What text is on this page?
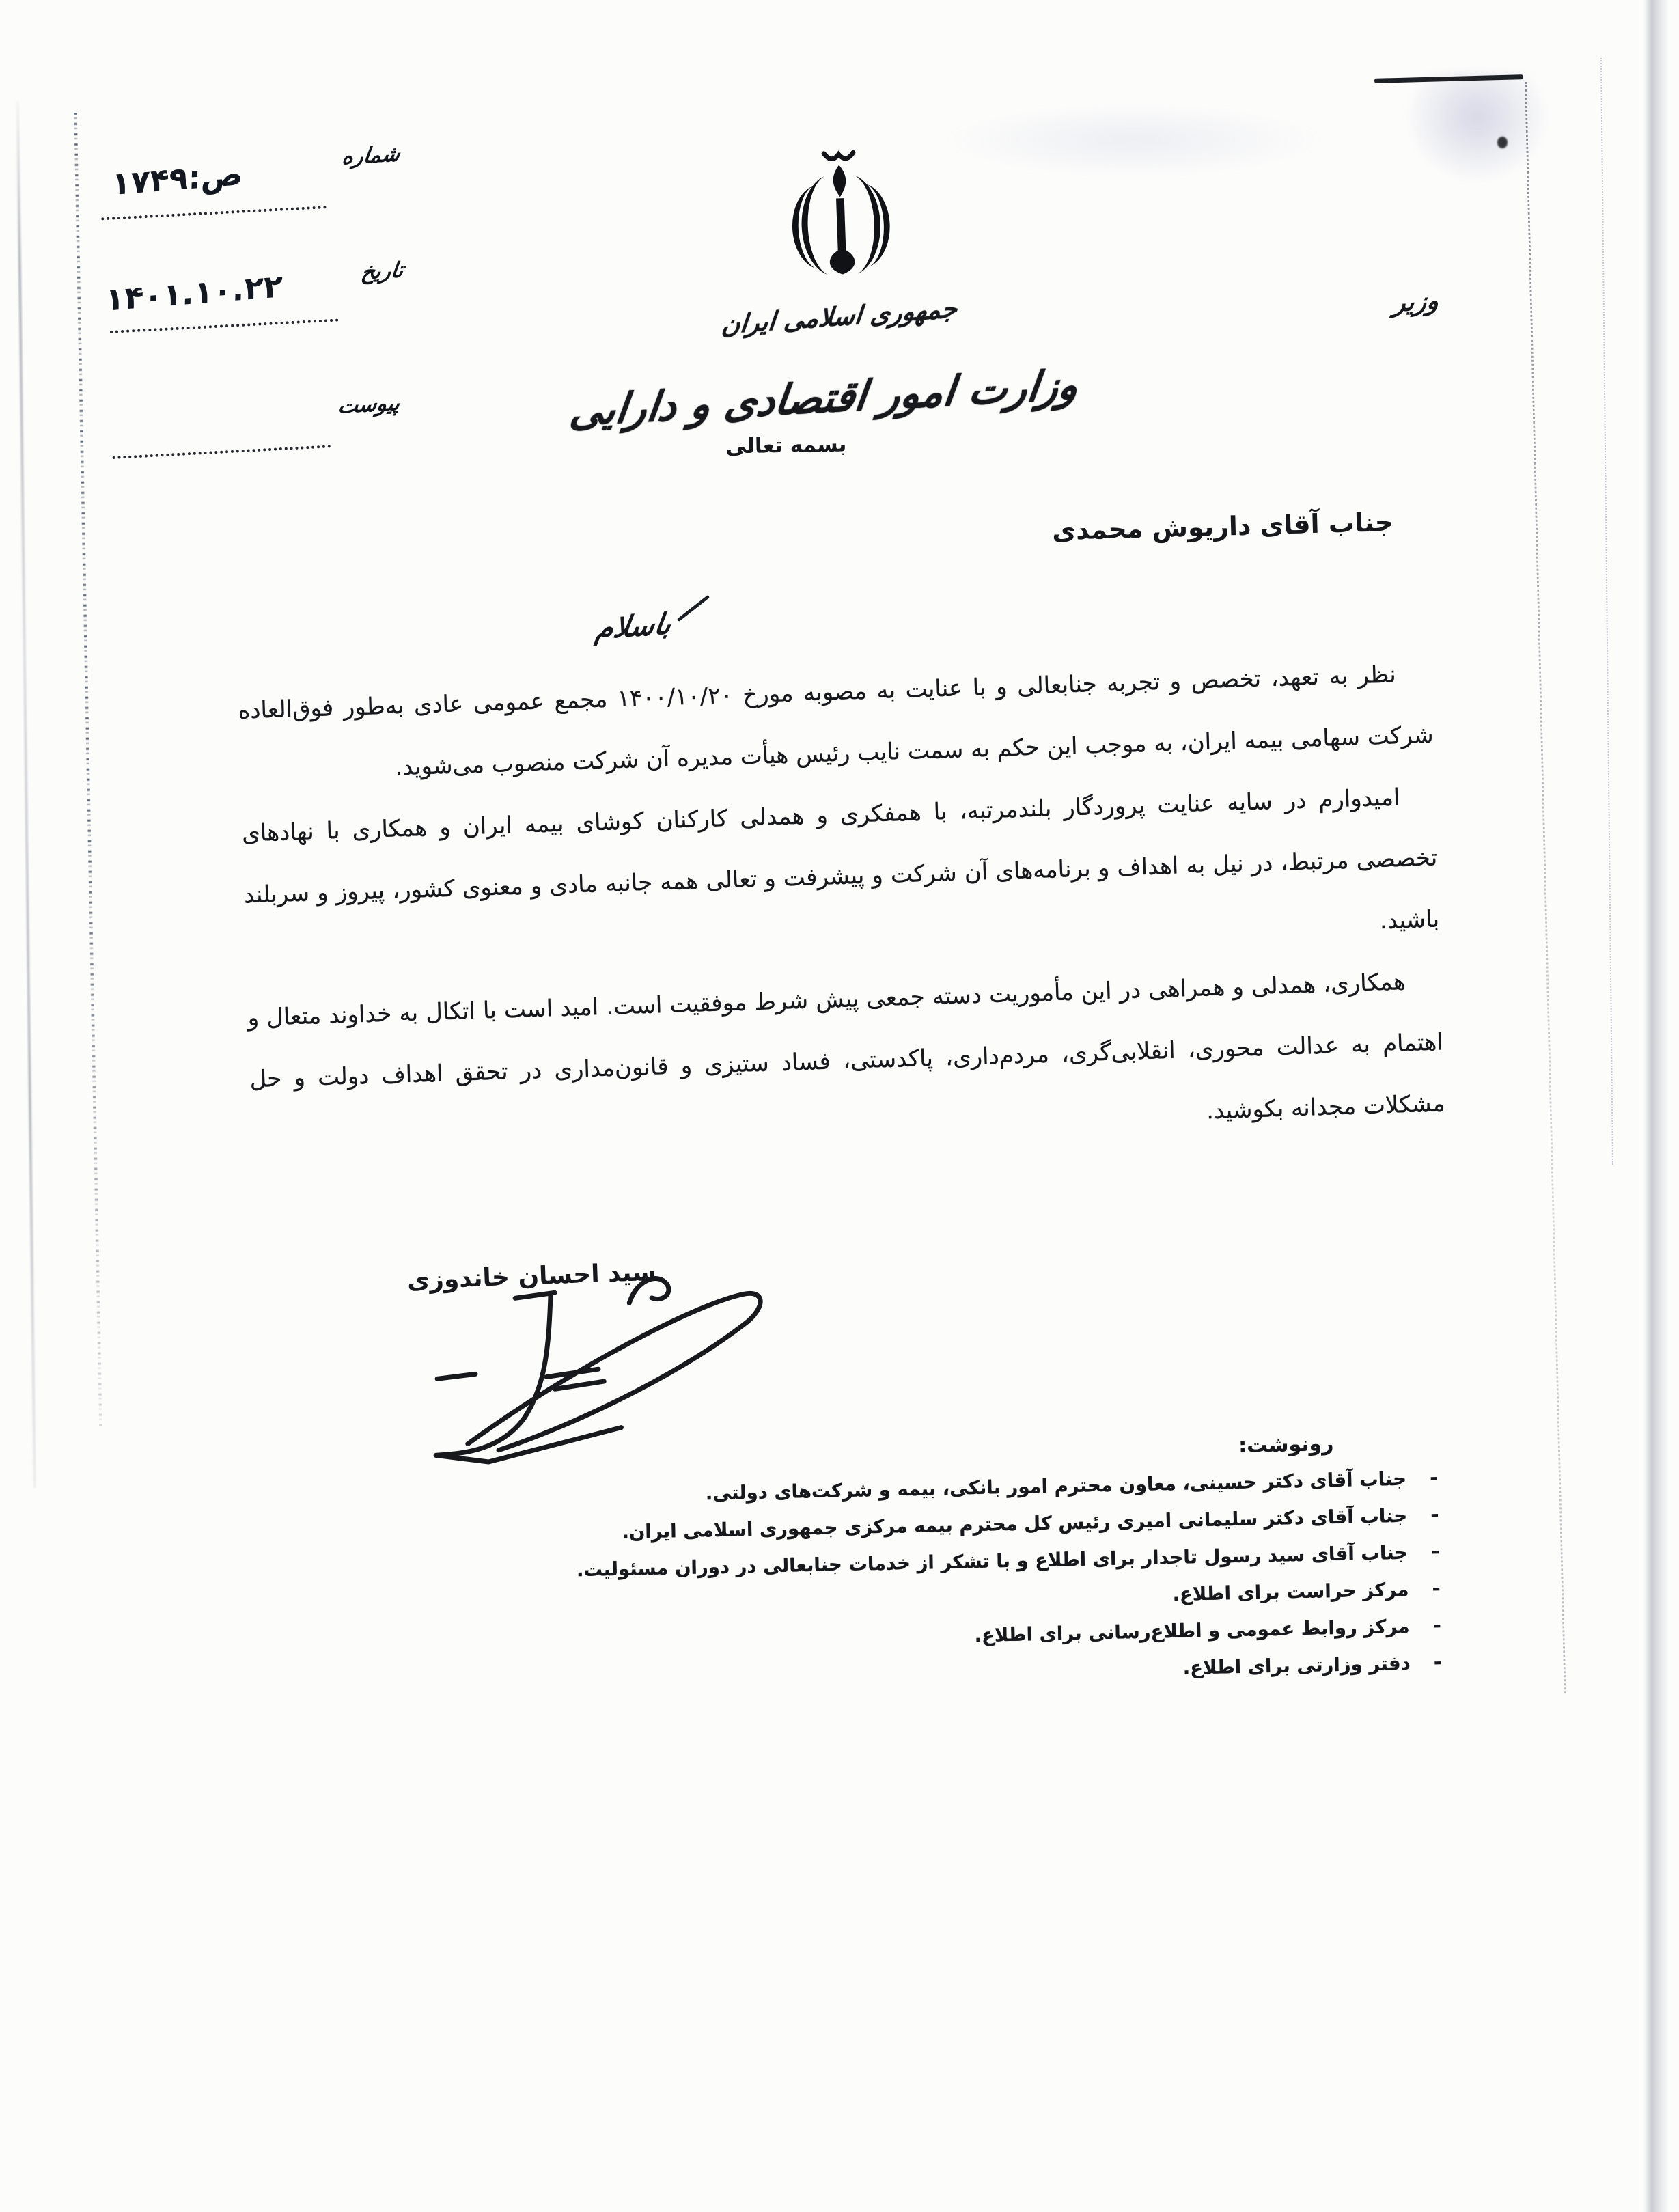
جمهوری اسلامی ایران
وزارت امور اقتصادی و دارایی
وزیر
شماره
ص:۱۷۴۹
تاریخ
۱۴۰۱.۱۰.۲۲
پیوست
بسمه تعالی
جناب آقای داریوش محمدی
باسلام

نظر به تعهد، تخصص و تجربه جنابعالی و با عنایت به مصوبه مورخ ۱۴۰۰/۱۰/۲۰ مجمع عمومی عادی به‌طور فوق‌العاده شرکت سهامی بیمه ایران، به موجب این حکم به سمت نایب رئیس هیأت مدیره آن شرکت منصوب می‌شوید.

امیدوارم در سایه عنایت پروردگار بلندمرتبه، با همفکری و همدلی کارکنان کوشای بیمه ایران و همکاری با نهادهای تخصصی مرتبط، در نیل به اهداف و برنامه‌های آن شرکت و پیشرفت و تعالی همه جانبه مادی و معنوی کشور، پیروز و سربلند باشید.

همکاری، همدلی و همراهی در این مأموریت دسته جمعی پیش شرط موفقیت است. امید است با اتکال به خداوند متعال و اهتمام به عدالت محوری، انقلابی‌گری، مردم‌داری، پاکدستی، فساد ستیزی و قانون‌مداری در تحقق اهداف دولت و حل مشکلات مجدانه بکوشید.

سید احسان خاندوزی

رونوشت:

-
جناب آقای دکتر حسینی، معاون محترم امور بانکی، بیمه و شرکت‌های دولتی.
-
جناب آقای دکتر سلیمانی امیری رئیس کل محترم بیمه مرکزی جمهوری اسلامی ایران.
-
جناب آقای سید رسول تاجدار برای اطلاع و با تشکر از خدمات جنابعالی در دوران مسئولیت.
-
مرکز حراست برای اطلاع.
-
مرکز روابط عمومی و اطلاع‌رسانی برای اطلاع.
-
دفتر وزارتی برای اطلاع.
